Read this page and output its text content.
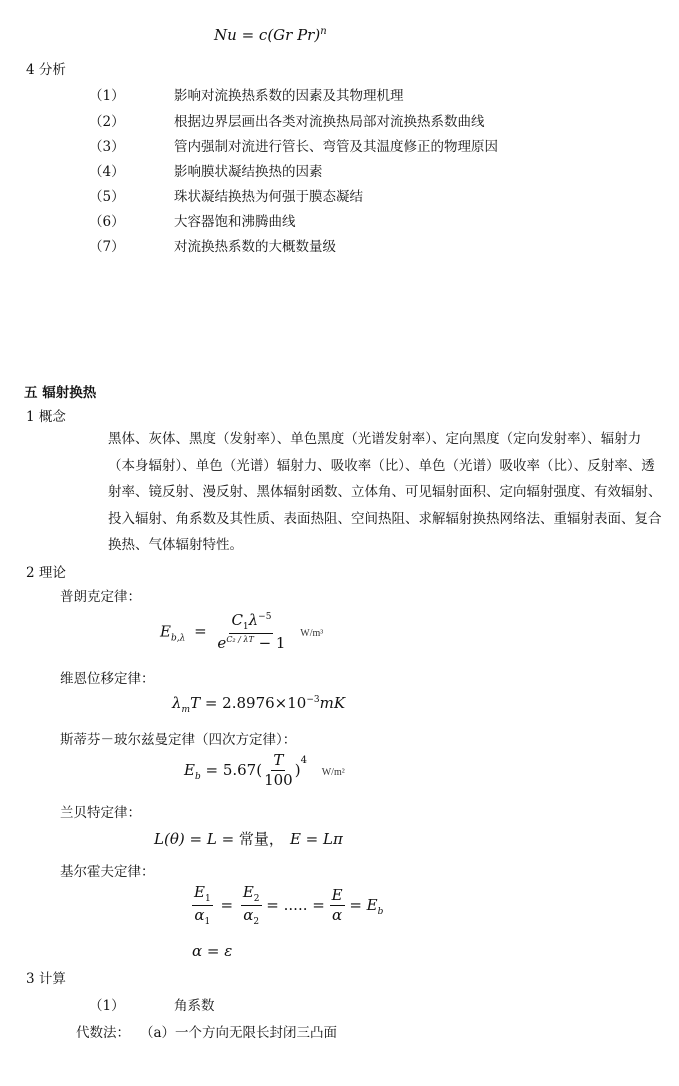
Nu = c(Gr Pr)$^n$
4 分析
（1）	影响对流换热系数的因素及其物理机理
（2）	根据边界层画出各类对流换热局部对流换热系数曲线
（3）	管内强制对流进行管长、弯管及其温度修正的物理原因
（4）	影响膜状凝结换热的因素
（5）	珠状凝结换热为何强于膜态凝结
（6）	大容器饱和沸腾曲线
（7）	对流换热系数的大概数量级
五 辐射换热
1 概念
黑体、灰体、黑度（发射率）、单色黑度（光谱发射率）、定向黑度（定向发射率）、辐射力（本身辐射）、单色（光谱）辐射力、吸收率（比）、单色（光谱）吸收率（比）、反射率、透射率、镜反射、漫反射、黑体辐射函数、立体角、可见辐射面积、定向辐射强度、有效辐射、投入辐射、角系数及其性质、表面热阻、空间热阻、求解辐射换热网络法、重辐射表面、复合换热、气体辐射特性。
2 理论
普朗克定律：
$E_{b,\lambda} = \frac{C_1\lambda^{-5}}{e^{C_2 / \lambda T} - 1} W/m^3$
维恩位移定律：
$\lambda_mT = 2.8976\times 10^{-3}mK$
斯蒂芬－玻尔兹曼定律（四次方定律）：
$E_b = 5.67( \frac{T}{100} )^4$ W/m²
兰贝特定律：
L(θ) = L = 常量， E = Lπ
基尔霍夫定律：
$\frac{E_1}{\alpha_1} = \frac{E_2}{\alpha_2}$ = ..... = $\frac{E}{\alpha} = E_b$
α = ε
3 计算
（1）	角系数
代数法： （a）一个方向无限长封闭三凸面
